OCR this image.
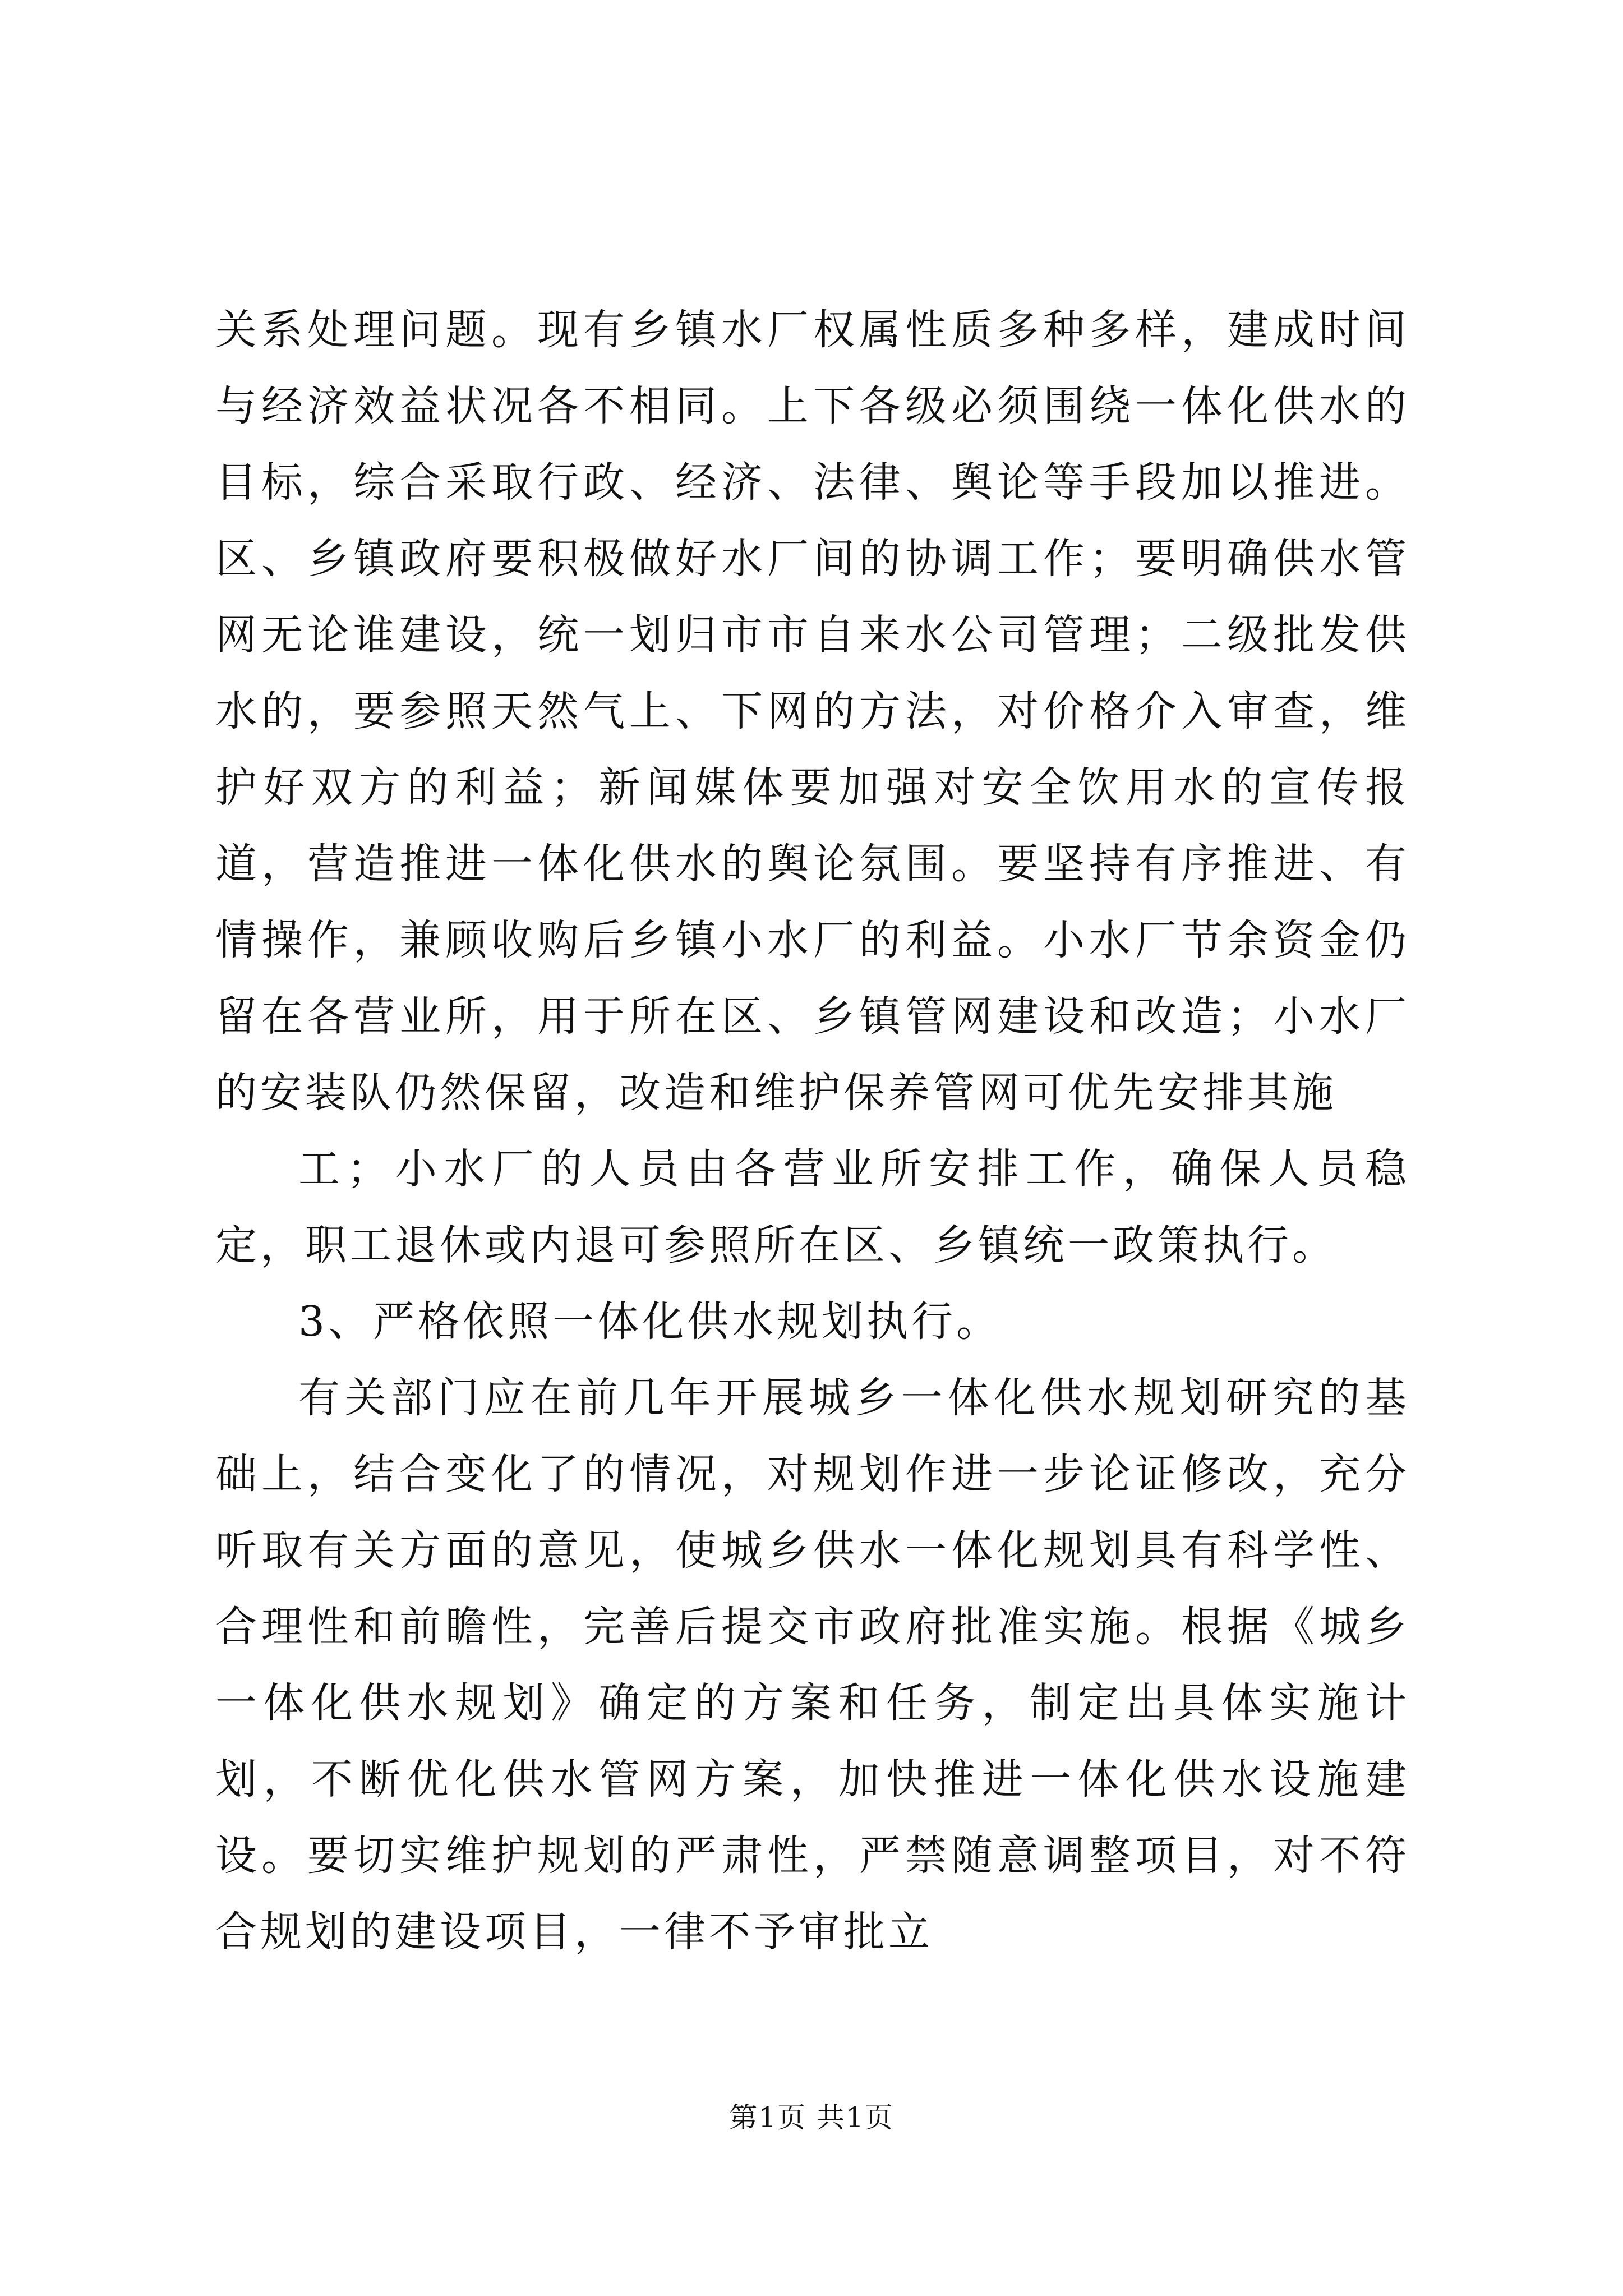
关系处理问题。现有乡镇水厂权属性质多种多样，建成时间与经济效益状况各不相同。上下各级必须围绕一体化供水的目标，综合采取行政、经济、法律、舆论等手段加以推进。区、乡镇政府要积极做好水厂间的协调工作；要明确供水管网无论谁建设，统一划归市市自来水公司管理；二级批发供水的，要参照天然气上、下网的方法，对价格介入审查，维护好双方的利益；新闻媒体要加强对安全饮用水的宣传报道，营造推进一体化供水的舆论氛围。要坚持有序推进、有情操作，兼顾收购后乡镇小水厂的利益。小水厂节余资金仍留在各营业所，用于所在区、乡镇管网建设和改造；小水厂的安装队仍然保留，改造和维护保养管网可优先安排其施

工；小水厂的人员由各营业所安排工作，确保人员稳定，职工退休或内退可参照所在区、乡镇统一政策执行。

3、严格依照一体化供水规划执行。

有关部门应在前几年开展城乡一体化供水规划研究的基础上，结合变化了的情况，对规划作进一步论证修改，充分听取有关方面的意见，使城乡供水一体化规划具有科学性、合理性和前瞻性，完善后提交市政府批准实施。根据《城乡一体化供水规划》确定的方案和任务，制定出具体实施计划，不断优化供水管网方案，加快推进一体化供水设施建设。要切实维护规划的严肃性，严禁随意调整项目，对不符合规划的建设项目，一律不予审批立

第1页 共1页
